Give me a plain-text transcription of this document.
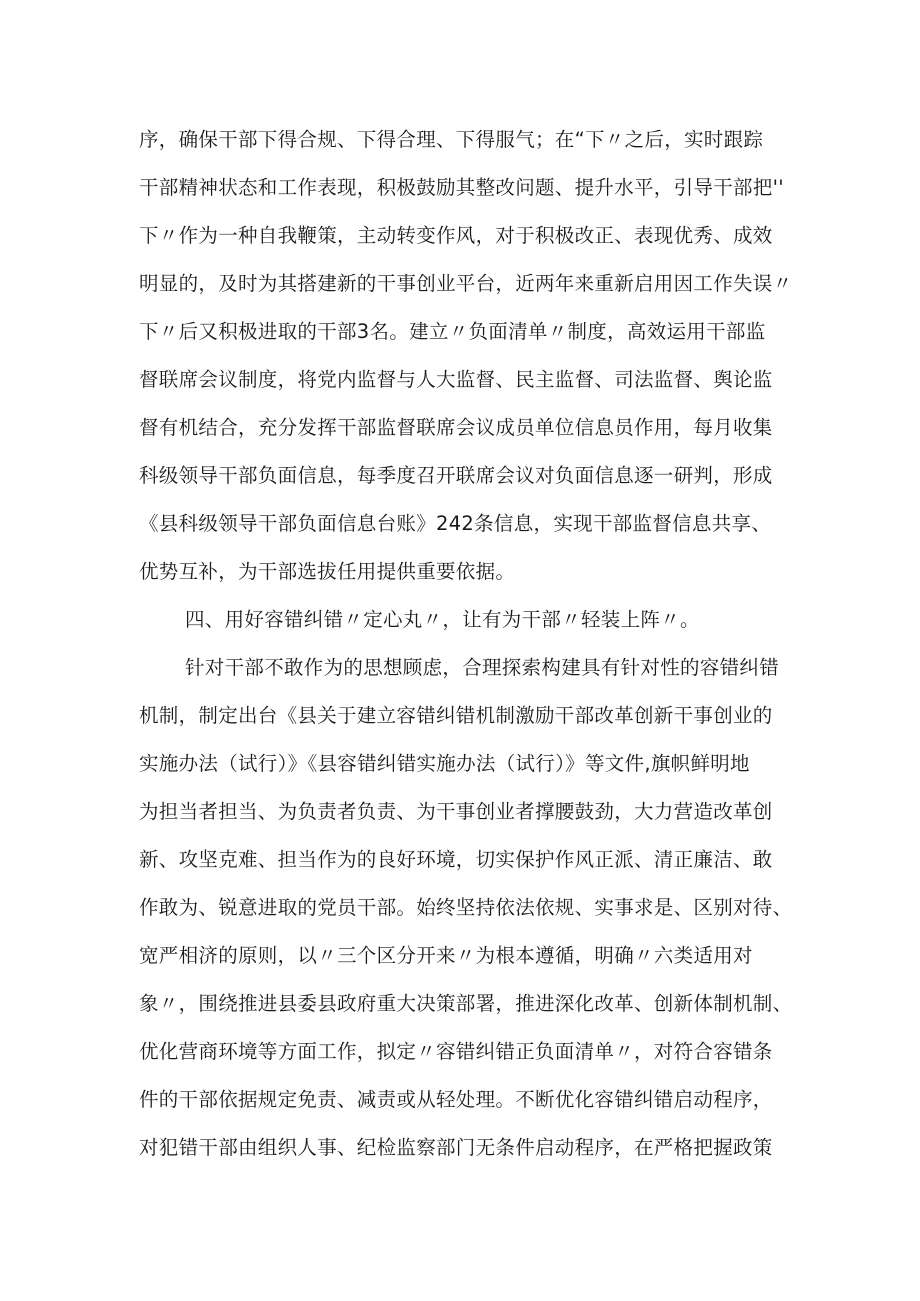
序，确保干部下得合规、下得合理、下得服气；在“下〃之后，实时跟踪
干部精神状态和工作表现，积极鼓励其整改问题、提升水平，引导干部把''
下〃作为一种自我鞭策，主动转变作风，对于积极改正、表现优秀、成效
明显的，及时为其搭建新的干事创业平台，近两年来重新启用因工作失误〃
下〃后又积极进取的干部3名。建立〃负面清单〃制度，高效运用干部监
督联席会议制度，将党内监督与人大监督、民主监督、司法监督、舆论监
督有机结合，充分发挥干部监督联席会议成员单位信息员作用，每月收集
科级领导干部负面信息，每季度召开联席会议对负面信息逐一研判，形成
《县科级领导干部负面信息台账》242条信息，实现干部监督信息共享、
优势互补，为干部选拔任用提供重要依据。
四、用好容错纠错〃定心丸〃，让有为干部〃轻装上阵〃。
针对干部不敢作为的思想顾虑，合理探索构建具有针对性的容错纠错
机制，制定出台《县关于建立容错纠错机制激励干部改革创新干事创业的
实施办法（试行）》《县容错纠错实施办法（试行）》等文件,旗帜鲜明地
为担当者担当、为负责者负责、为干事创业者撑腰鼓劲，大力营造改革创
新、攻坚克难、担当作为的良好环境，切实保护作风正派、清正廉洁、敢
作敢为、锐意进取的党员干部。始终坚持依法依规、实事求是、区别对待、
宽严相济的原则，以〃三个区分开来〃为根本遵循，明确〃六类适用对
象〃，围绕推进县委县政府重大决策部署，推进深化改革、创新体制机制、
优化营商环境等方面工作，拟定〃容错纠错正负面清单〃，对符合容错条
件的干部依据规定免责、减责或从轻处理。不断优化容错纠错启动程序，
对犯错干部由组织人事、纪检监察部门无条件启动程序，在严格把握政策
